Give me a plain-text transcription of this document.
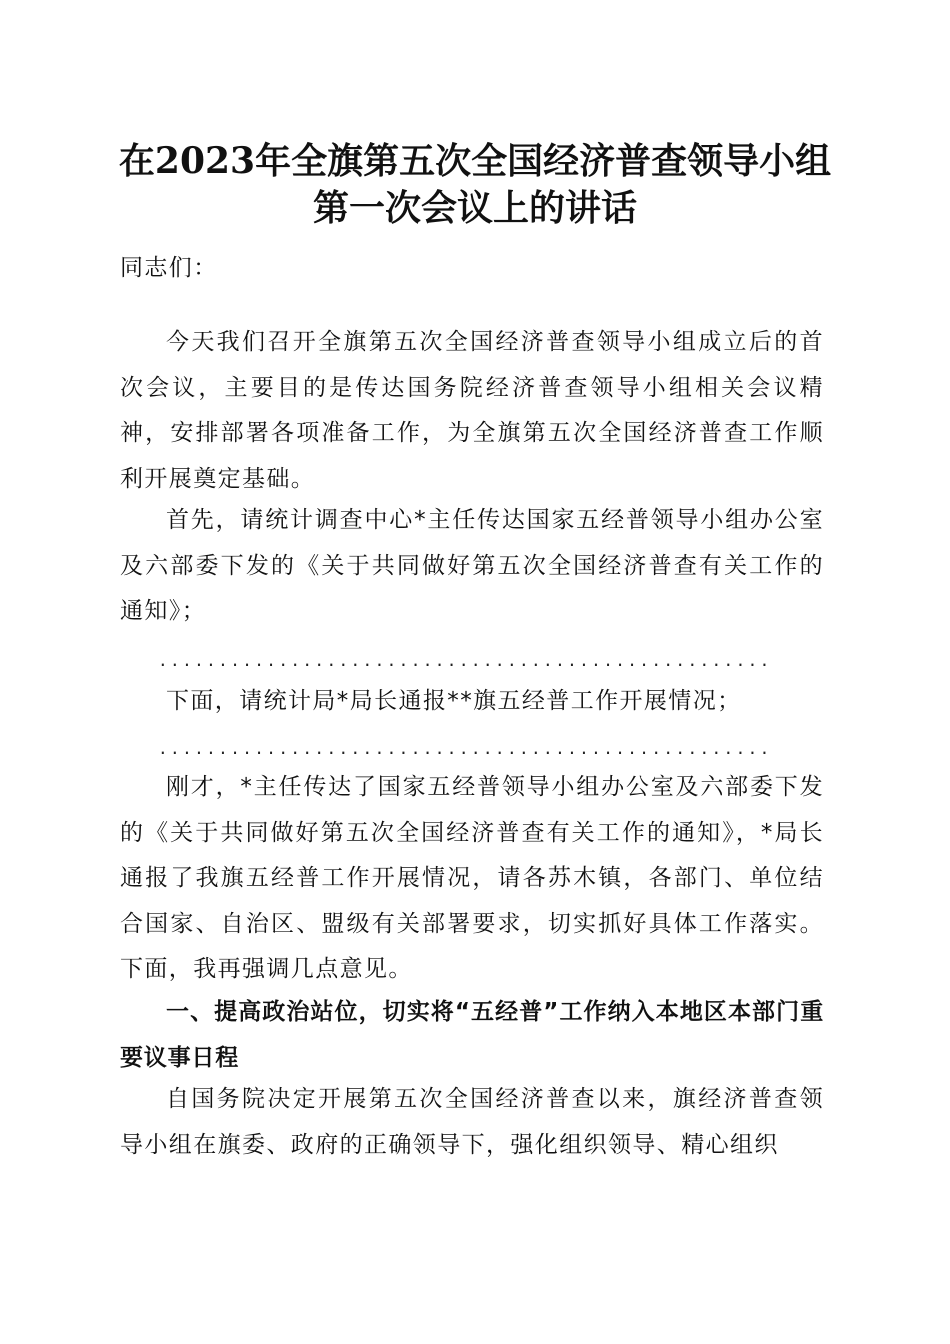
在2023年全旗第五次全国经济普查领导小组
第一次会议上的讲话

同志们：

今天我们召开全旗第五次全国经济普查领导小组成立后的首次会议，主要目的是传达国务院经济普查领导小组相关会议精神，安排部署各项准备工作，为全旗第五次全国经济普查工作顺利开展奠定基础。

首先，请统计调查中心*主任传达国家五经普领导小组办公室及六部委下发的《关于共同做好第五次全国经济普查有关工作的通知》；

...................................................

下面，请统计局*局长通报**旗五经普工作开展情况；

...................................................

刚才，*主任传达了国家五经普领导小组办公室及六部委下发的《关于共同做好第五次全国经济普查有关工作的通知》，*局长通报了我旗五经普工作开展情况，请各苏木镇，各部门、单位结合国家、自治区、盟级有关部署要求，切实抓好具体工作落实。下面，我再强调几点意见。

一、提高政治站位，切实将“五经普”工作纳入本地区本部门重要议事日程

自国务院决定开展第五次全国经济普查以来，旗经济普查领导小组在旗委、政府的正确领导下，强化组织领导、精心组织
